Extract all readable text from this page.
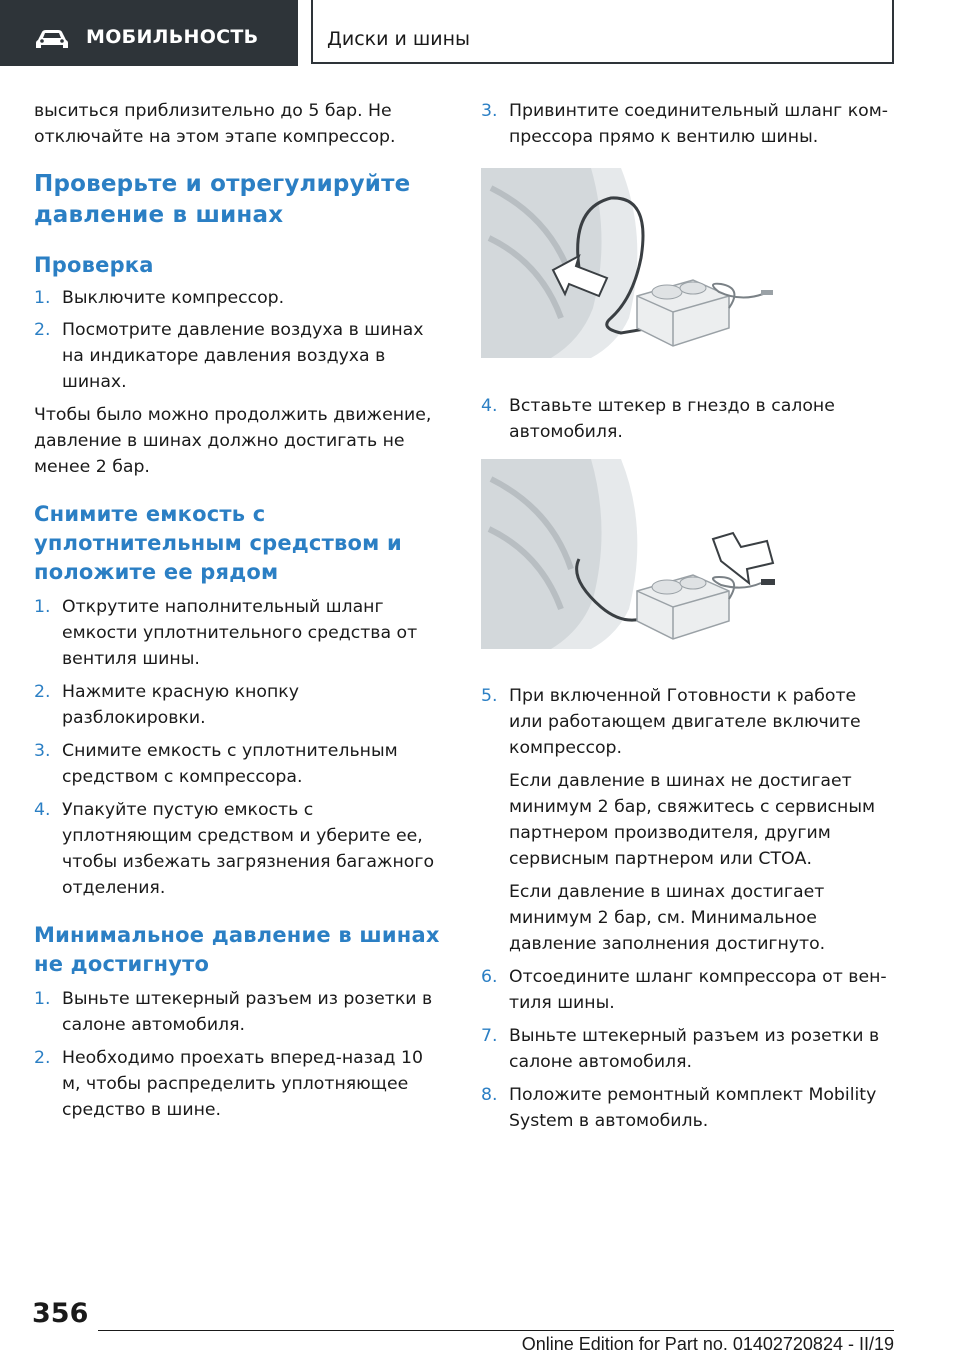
МОБИЛЬНОСТЬ	Диски и шины

выситься приблизительно до 5 бар. Не отключайте на этом этапе компрессор.

Проверьте и отрегулируйте давление в шинах
Проверка
1. Выключите компрессор.
2. Посмотрите давление воздуха в шинах на индикаторе давления воздуха в шинах.

Чтобы было можно продолжить движение, давление в шинах должно достигать не менее 2 бар.

Снимите емкость с уплотнительным средством и положите ее рядом
1. Открутите наполнительный шланг емкости уплотнительного средства от вентиля шины.
2. Нажмите красную кнопку разблокировки.
3. Снимите емкость с уплотнительным средством с компрессора.
4. Упакуйте пустую емкость с уплотняющим средством и уберите ее, чтобы избежать загрязнения багажного отделения.
Минимальное давление в шинах не достигнуто
1. Выньте штекерный разъем из розетки в салоне автомобиля.
2. Необходимо проехать вперед-назад 10 м, чтобы распределить уплотняющее средство в шине.
3. Привинтите соединительный шланг компрессора прямо к вентилю шины.
4. Вставьте штекер в гнездо в салоне автомобиля.
5. При включенной Готовности к работе или работающем двигателе включите компрессор.
Если давление в шинах не достигает минимум 2 бар, свяжитесь с сервисным партнером производителя, другим сервисным партнером или СТОА.
Если давление в шинах достигает минимум 2 бар, см. Минимальное давление заполнения достигнуто.
6. Отсоедините шланг компрессора от вентиля шины.
7. Выньте штекерный разъем из розетки в салоне автомобиля.
8. Положите ремонтный комплект Mobility System в автомобиль.
356
Online Edition for Part no. 01402720824 - II/19
